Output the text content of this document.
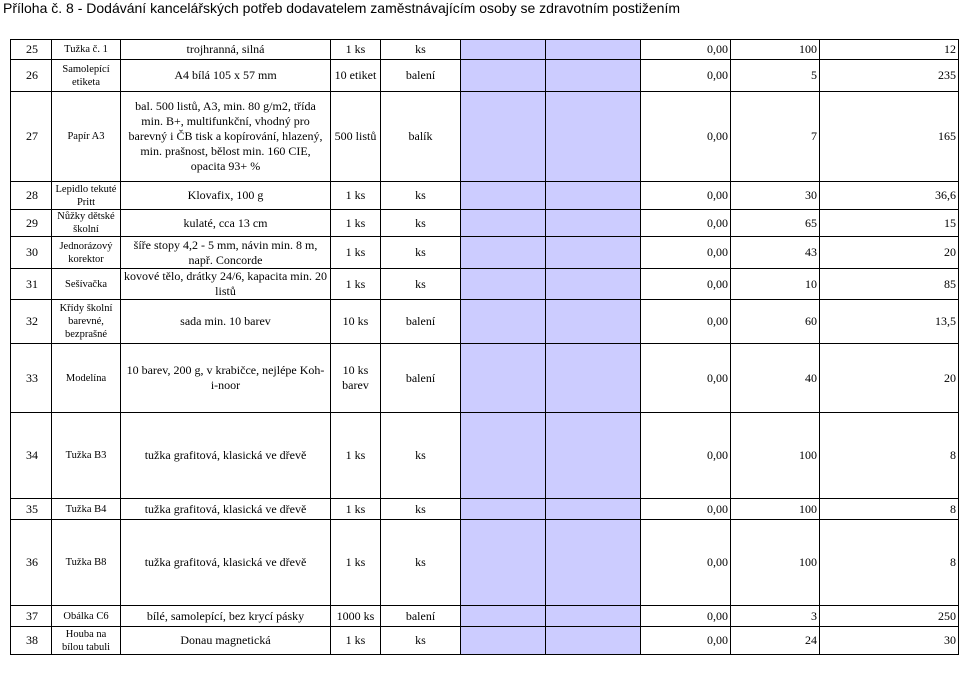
Příloha č. 8 - Dodávání kancelářských potřeb dodavatelem zaměstnávajícím osoby se zdravotním postižením
25	Tužka č. 1	trojhranná, silná	1 ks	ks			0,00	100	12
26	Samolepící etiketa	A4 bílá 105 x 57 mm	10 etiket	balení			0,00	5	235
27	Papír A3	bal. 500 listů, A3, min. 80 g/m2, třída min. B+, multifunkční, vhodný pro barevný i ČB tisk a kopírování, hlazený, min. prašnost, bělost min. 160 CIE, opacita 93+ %	500 listů	balík			0,00	7	165
28	Lepidlo tekuté Pritt	Klovafix, 100 g	1 ks	ks			0,00	30	36,6
29	Nůžky dětské školní	kulaté, cca 13 cm	1 ks	ks			0,00	65	15
30	Jednorázový korektor	šíře stopy 4,2 - 5 mm, návin min. 8 m, např. Concorde	1 ks	ks			0,00	43	20
31	Sešívačka	kovové tělo, drátky 24/6, kapacita min. 20 listů	1 ks	ks			0,00	10	85
32	Křídy školní barevné, bezprašné	sada min. 10 barev	10 ks	balení			0,00	60	13,5
33	Modelína	10 barev, 200 g, v krabičce, nejlépe Koh-i-noor	10 ks barev	balení			0,00	40	20
34	Tužka B3	tužka grafitová, klasická ve dřevě	1 ks	ks			0,00	100	8
35	Tužka B4	tužka grafitová, klasická ve dřevě	1 ks	ks			0,00	100	8
36	Tužka B8	tužka grafitová, klasická ve dřevě	1 ks	ks			0,00	100	8
37	Obálka C6	bílé, samolepící, bez krycí pásky	1000 ks	balení			0,00	3	250
38	Houba na bílou tabuli	Donau magnetická	1 ks	ks			0,00	24	30
